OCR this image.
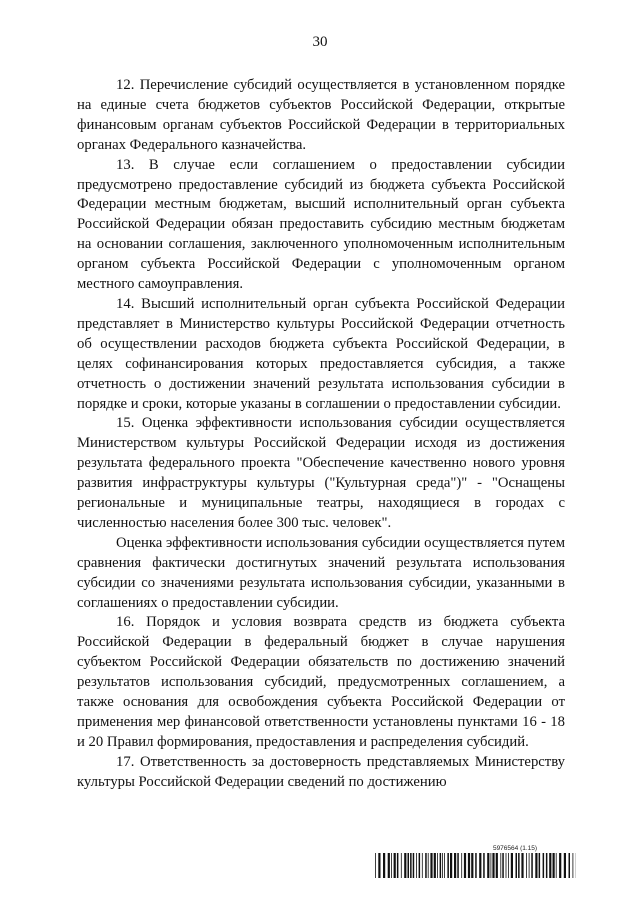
30

12. Перечисление субсидий осуществляется в установленном порядке на единые счета бюджетов субъектов Российской Федерации, открытые финансовым органам субъектов Российской Федерации в территориальных органах Федерального казначейства.

13. В случае если соглашением о предоставлении субсидии предусмотрено предоставление субсидий из бюджета субъекта Российской Федерации местным бюджетам, высший исполнительный орган субъекта Российской Федерации обязан предоставить субсидию местным бюджетам на основании соглашения, заключенного уполномоченным исполнительным органом субъекта Российской Федерации с уполномоченным органом местного самоуправления.

14. Высший исполнительный орган субъекта Российской Федерации представляет в Министерство культуры Российской Федерации отчетность об осуществлении расходов бюджета субъекта Российской Федерации, в целях софинансирования которых предоставляется субсидия, а также отчетность о достижении значений результата использования субсидии в порядке и сроки, которые указаны в соглашении о предоставлении субсидии.

15. Оценка эффективности использования субсидии осуществляется Министерством культуры Российской Федерации исходя из достижения результата федерального проекта "Обеспечение качественно нового уровня развития инфраструктуры культуры ("Культурная среда")" - "Оснащены региональные и муниципальные театры, находящиеся в городах с численностью населения более 300 тыс. человек".

Оценка эффективности использования субсидии осуществляется путем сравнения фактически достигнутых значений результата использования субсидии со значениями результата использования субсидии, указанными в соглашениях о предоставлении субсидии.

16. Порядок и условия возврата средств из бюджета субъекта Российской Федерации в федеральный бюджет в случае нарушения субъектом Российской Федерации обязательств по достижению значений результатов использования субсидий, предусмотренных соглашением, а также основания для освобождения субъекта Российской Федерации от применения мер финансовой ответственности установлены пунктами 16 - 18 и 20 Правил формирования, предоставления и распределения субсидий.

17. Ответственность за достоверность представляемых Министерству культуры Российской Федерации сведений по достижению

5976564 (1.15)
